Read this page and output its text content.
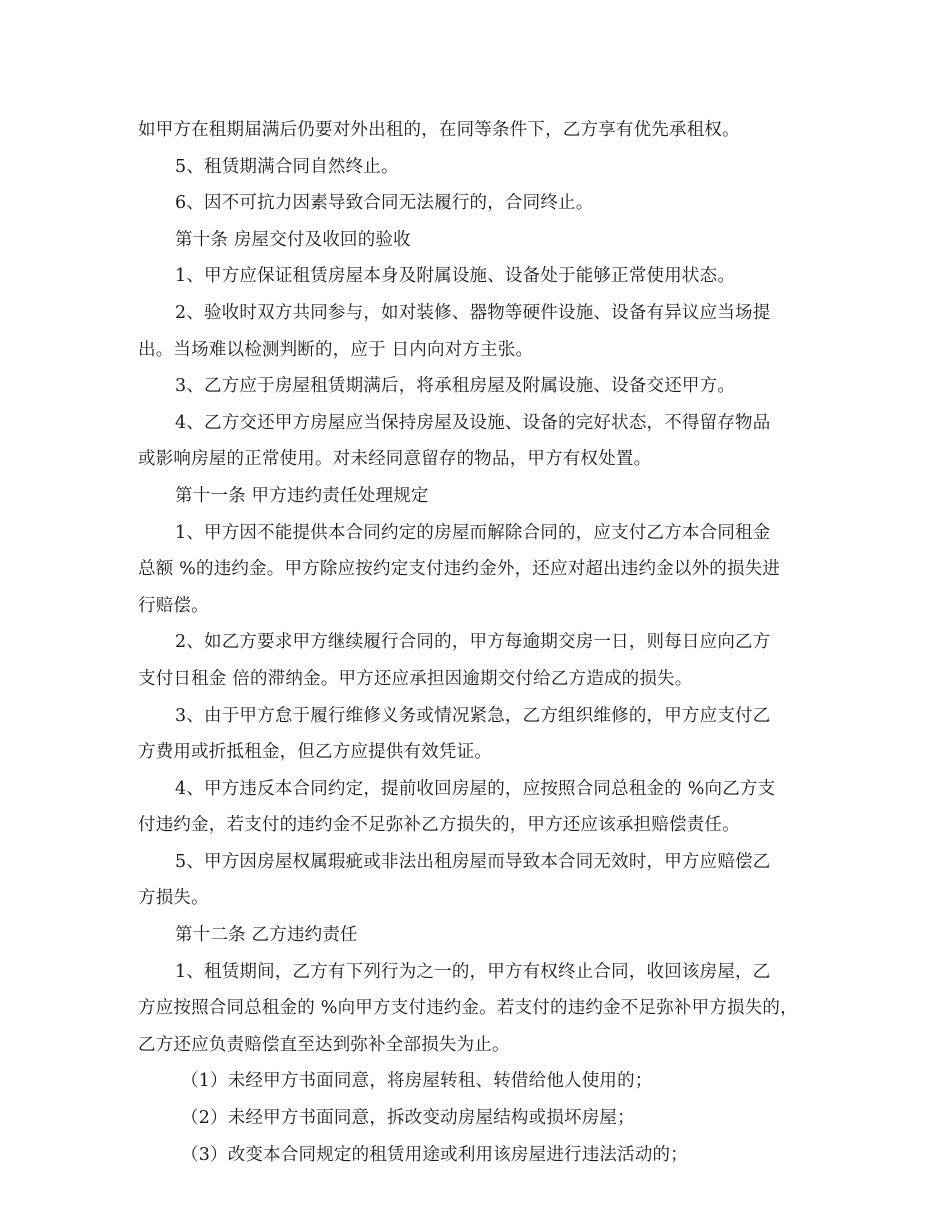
如甲方在租期届满后仍要对外出租的，在同等条件下，乙方享有优先承租权。
5、租赁期满合同自然终止。
6、因不可抗力因素导致合同无法履行的，合同终止。
第十条 房屋交付及收回的验收
1、甲方应保证租赁房屋本身及附属设施、设备处于能够正常使用状态。
2、验收时双方共同参与，如对装修、器物等硬件设施、设备有异议应当场提
出。当场难以检测判断的，应于 日内向对方主张。
3、乙方应于房屋租赁期满后，将承租房屋及附属设施、设备交还甲方。
4、乙方交还甲方房屋应当保持房屋及设施、设备的完好状态，不得留存物品
或影响房屋的正常使用。对未经同意留存的物品，甲方有权处置。
第十一条 甲方违约责任处理规定
1、甲方因不能提供本合同约定的房屋而解除合同的，应支付乙方本合同租金
总额 %的违约金。甲方除应按约定支付违约金外，还应对超出违约金以外的损失进
行赔偿。
2、如乙方要求甲方继续履行合同的，甲方每逾期交房一日，则每日应向乙方
支付日租金 倍的滞纳金。甲方还应承担因逾期交付给乙方造成的损失。
3、由于甲方怠于履行维修义务或情况紧急，乙方组织维修的，甲方应支付乙
方费用或折抵租金，但乙方应提供有效凭证。
4、甲方违反本合同约定，提前收回房屋的，应按照合同总租金的 %向乙方支
付违约金，若支付的违约金不足弥补乙方损失的，甲方还应该承担赔偿责任。
5、甲方因房屋权属瑕疵或非法出租房屋而导致本合同无效时，甲方应赔偿乙
方损失。
第十二条 乙方违约责任
1、租赁期间，乙方有下列行为之一的，甲方有权终止合同，收回该房屋，乙
方应按照合同总租金的 %向甲方支付违约金。若支付的违约金不足弥补甲方损失的，
乙方还应负责赔偿直至达到弥补全部损失为止。
（1）未经甲方书面同意，将房屋转租、转借给他人使用的；
（2）未经甲方书面同意，拆改变动房屋结构或损坏房屋；
（3）改变本合同规定的租赁用途或利用该房屋进行违法活动的；
